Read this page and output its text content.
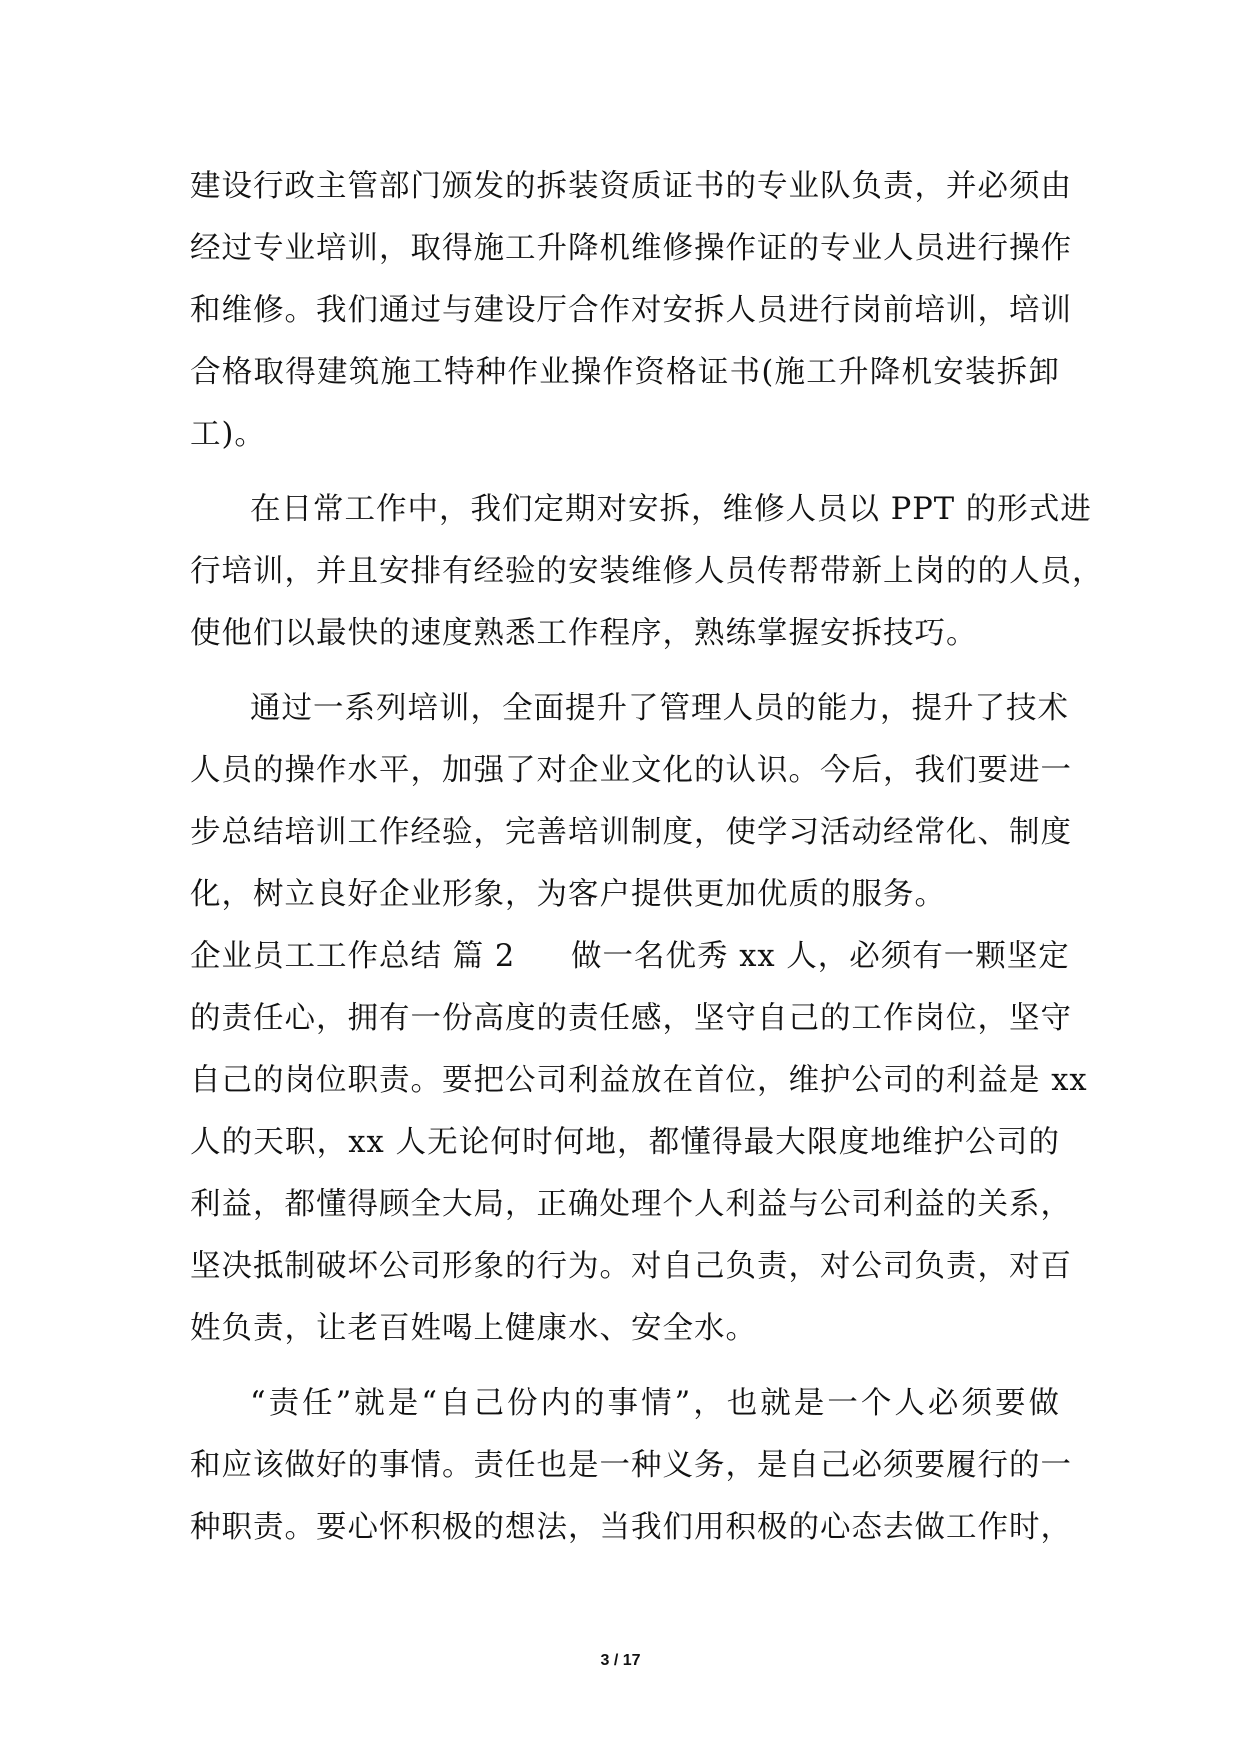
建设行政主管部门颁发的拆装资质证书的专业队负责，并必须由
经过专业培训，取得施工升降机维修操作证的专业人员进行操作
和维修。我们通过与建设厅合作对安拆人员进行岗前培训，培训
合格取得建筑施工特种作业操作资格证书(施工升降机安装拆卸
工)。
在日常工作中，我们定期对安拆，维修人员以 PPT 的形式进
行培训，并且安排有经验的安装维修人员传帮带新上岗的的人员，
使他们以最快的速度熟悉工作程序，熟练掌握安拆技巧。
通过一系列培训，全面提升了管理人员的能力，提升了技术
人员的操作水平，加强了对企业文化的认识。今后，我们要进一
步总结培训工作经验，完善培训制度，使学习活动经常化、制度
化，树立良好企业形象，为客户提供更加优质的服务。
企业员工工作总结 篇 2 做一名优秀 xx 人，必须有一颗坚定
的责任心，拥有一份高度的责任感，坚守自己的工作岗位，坚守
自己的岗位职责。要把公司利益放在首位，维护公司的利益是 xx
人的天职，xx 人无论何时何地，都懂得最大限度地维护公司的
利益，都懂得顾全大局，正确处理个人利益与公司利益的关系，
坚决抵制破坏公司形象的行为。对自己负责，对公司负责，对百
姓负责，让老百姓喝上健康水、安全水。
“责任”就是“自己份内的事情”，也就是一个人必须要做
和应该做好的事情。责任也是一种义务，是自己必须要履行的一
种职责。要心怀积极的想法，当我们用积极的心态去做工作时，
3 / 17
